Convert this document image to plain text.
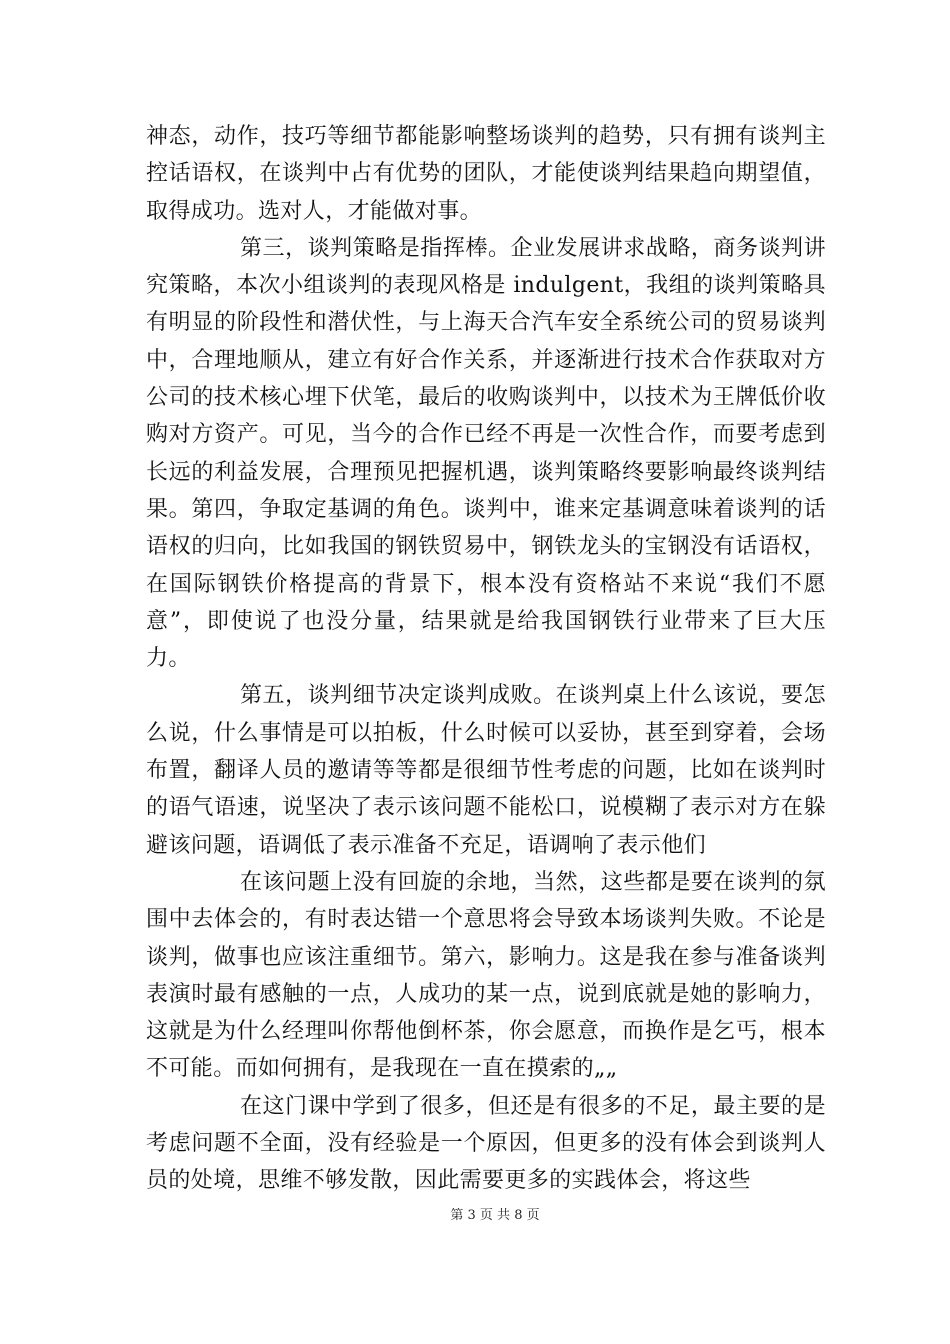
神态，动作，技巧等细节都能影响整场谈判的趋势，只有拥有谈判主控话语权，在谈判中占有优势的团队，才能使谈判结果趋向期望值，取得成功。选对人，才能做对事。

第三，谈判策略是指挥棒。企业发展讲求战略，商务谈判讲究策略，本次小组谈判的表现风格是 indulgent，我组的谈判策略具有明显的阶段性和潜伏性，与上海天合汽车安全系统公司的贸易谈判中，合理地顺从，建立有好合作关系，并逐渐进行技术合作获取对方公司的技术核心埋下伏笔，最后的收购谈判中，以技术为王牌低价收购对方资产。可见，当今的合作已经不再是一次性合作，而要考虑到长远的利益发展，合理预见把握机遇，谈判策略终要影响最终谈判结果。第四，争取定基调的角色。谈判中，谁来定基调意味着谈判的话语权的归向，比如我国的钢铁贸易中，钢铁龙头的宝钢没有话语权，在国际钢铁价格提高的背景下，根本没有资格站不来说“我们不愿意”，即使说了也没分量，结果就是给我国钢铁行业带来了巨大压力。

第五，谈判细节决定谈判成败。在谈判桌上什么该说，要怎么说，什么事情是可以拍板，什么时候可以妥协，甚至到穿着，会场布置，翻译人员的邀请等等都是很细节性考虑的问题，比如在谈判时的语气语速，说坚决了表示该问题不能松口，说模糊了表示对方在躲避该问题，语调低了表示准备不充足，语调响了表示他们

在该问题上没有回旋的余地，当然，这些都是要在谈判的氛围中去体会的，有时表达错一个意思将会导致本场谈判失败。不论是谈判，做事也应该注重细节。第六，影响力。这是我在参与准备谈判表演时最有感触的一点，人成功的某一点，说到底就是她的影响力，这就是为什么经理叫你帮他倒杯茶，你会愿意，而换作是乞丐，根本不可能。而如何拥有，是我现在一直在摸索的„„

在这门课中学到了很多，但还是有很多的不足，最主要的是考虑问题不全面，没有经验是一个原因，但更多的没有体会到谈判人员的处境，思维不够发散，因此需要更多的实践体会，将这些

第 3 页 共 8 页
